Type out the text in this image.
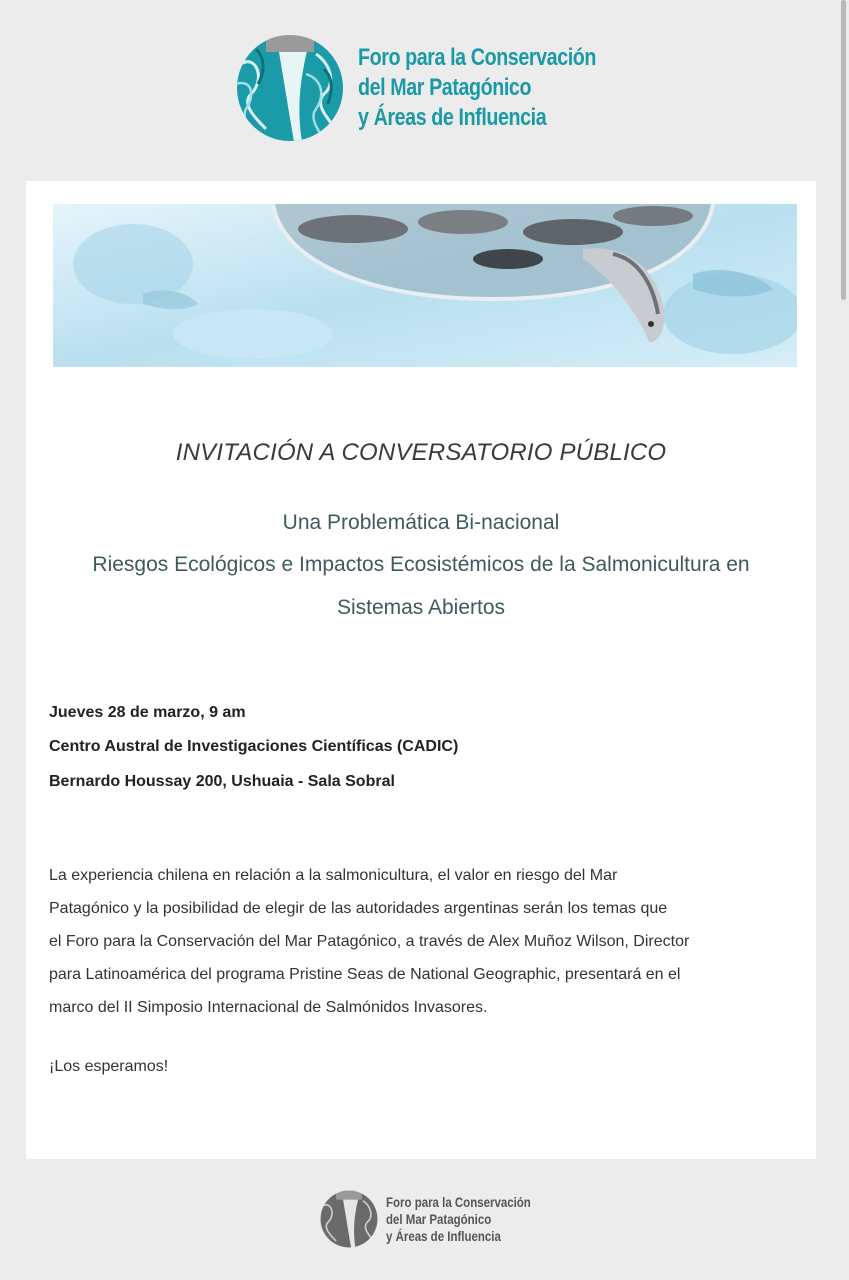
Foro para la Conservación
del Mar Patagónico
y Áreas de Influencia
INVITACIÓN A CONVERSATORIO PÚBLICO
Una Problemática Bi-nacional
Riesgos Ecológicos e Impactos Ecosistémicos de la Salmonicultura en
Sistemas Abiertos
Jueves 28 de marzo, 9 am
Centro Austral de Investigaciones Científicas (CADIC)
Bernardo Houssay 200, Ushuaia - Sala Sobral
La experiencia chilena en relación a la salmonicultura, el valor en riesgo del Mar
Patagónico y la posibilidad de elegir de las autoridades argentinas serán los temas que
el Foro para la Conservación del Mar Patagónico, a través de Alex Muñoz Wilson, Director
para Latinoamérica del programa Pristine Seas de National Geographic, presentará en el
marco del II Simposio Internacional de Salmónidos Invasores.
¡Los esperamos!
Foro para la Conservación
del Mar Patagónico
y Áreas de Influencia
